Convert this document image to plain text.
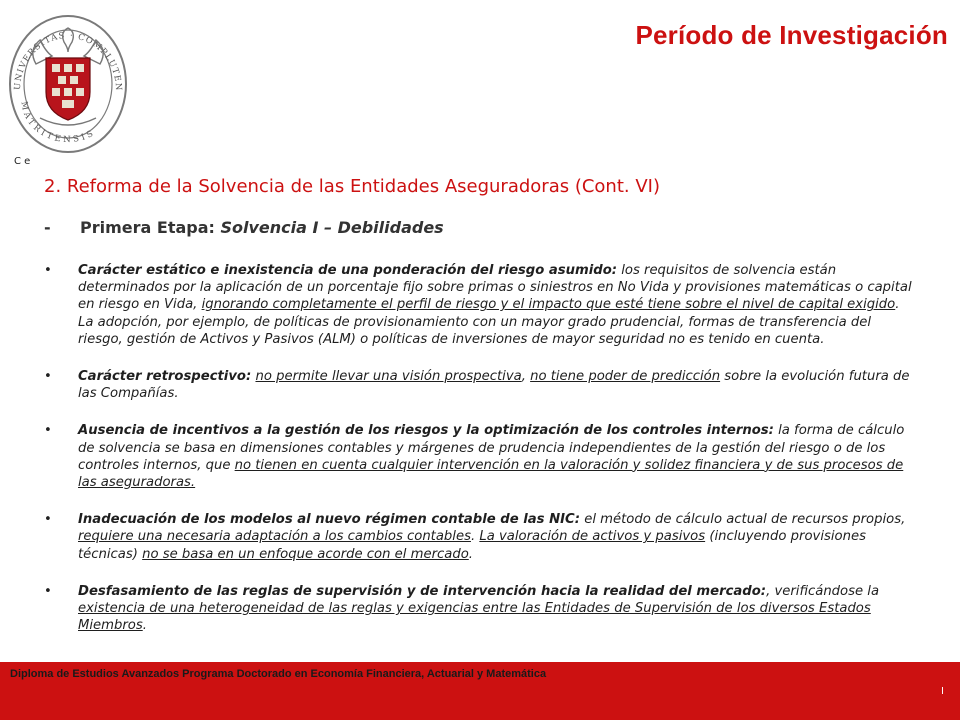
UNIVERSITAS · COMPLUTEN
MATRITENSIS
C e
Período de Investigación
2. Reforma de la Solvencia de las Entidades Aseguradoras (Cont. VI)
- Primera Etapa: Solvencia I – Debilidades
• Carácter estático e inexistencia de una ponderación del riesgo asumido: los requisitos de solvencia están determinados por la aplicación de un porcentaje fijo sobre primas o siniestros en No Vida y provisiones matemáticas o capital en riesgo en Vida, ignorando completamente el perfil de riesgo y el impacto que esté tiene sobre el nivel de capital exigido. La adopción, por ejemplo, de políticas de provisionamiento con un mayor grado prudencial, formas de transferencia del riesgo, gestión de Activos y Pasivos (ALM) o políticas de inversiones de mayor seguridad no es tenido en cuenta.
• Carácter retrospectivo: no permite llevar una visión prospectiva, no tiene poder de predicción sobre la evolución futura de las Compañías.
• Ausencia de incentivos a la gestión de los riesgos y la optimización de los controles internos: la forma de cálculo de solvencia se basa en dimensiones contables y márgenes de prudencia independientes de la gestión del riesgo o de los controles internos, que no tienen en cuenta cualquier intervención en la valoración y solidez financiera y de sus procesos de las aseguradoras.
• Inadecuación de los modelos al nuevo régimen contable de las NIC: el método de cálculo actual de recursos propios, requiere una necesaria adaptación a los cambios contables. La valoración de activos y pasivos (incluyendo provisiones técnicas) no se basa en un enfoque acorde con el mercado.
• Desfasamiento de las reglas de supervisión y de intervención hacia la realidad del mercado:, verificándose la existencia de una heterogeneidad de las reglas y exigencias entre las Entidades de Supervisión de los diversos Estados Miembros.
Diploma de Estudios Avanzados Programa Doctorado en Economía Financiera, Actuarial y Matemática
I
